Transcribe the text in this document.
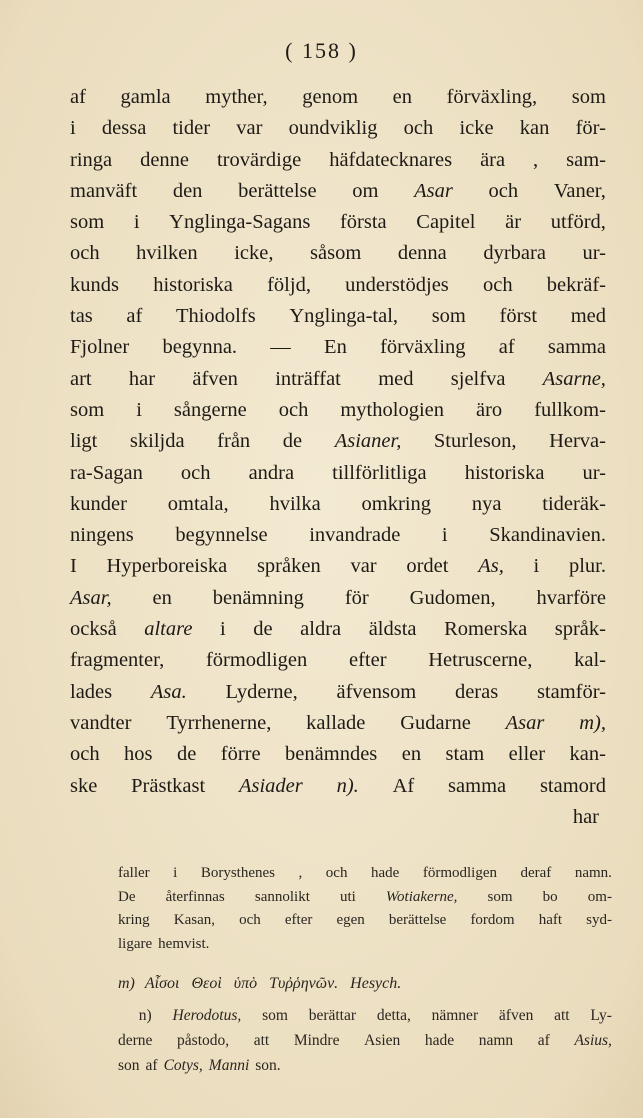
( 158 )
af gamla myther, genom en förväxling, som
i dessa tider var oundviklig och icke kan för-
ringa denne trovärdige häfdatecknares ära , sam-
manväft den berättelse om Asar och Vaner,
som i Ynglinga-Sagans första Capitel är utförd,
och hvilken icke, såsom denna dyrbara ur-
kunds historiska följd, understödjes och bekräf-
tas af Thiodolfs Ynglinga-tal, som först med
Fjolner begynna. — En förväxling af samma
art har äfven inträffat med sjelfva Asarne,
som i sångerne och mythologien äro fullkom-
ligt skiljda från de Asianer, Sturleson, Herva-
ra-Sagan och andra tillförlitliga historiska ur-
kunder omtala, hvilka omkring nya tideräk-
ningens begynnelse invandrade i Skandinavien.
I Hyperboreiska språken var ordet As, i plur.
Asar, en benämning för Gudomen, hvarföre
också altare i de aldra äldsta Romerska språk-
fragmenter, förmodligen efter Hetruscerne, kal-
lades Asa. Lyderne, äfvensom deras stamför-
vandter Tyrrhenerne, kallade Gudarne Asar m),
och hos de förre benämndes en stam eller kan-
ske Prästkast Asiader n). Af samma stamord
har
faller i Borysthenes , och hade förmodligen deraf namn.
De återfinnas sannolikt uti Wotiakerne, som bo om-
kring Kasan, och efter egen berättelse fordom haft syd-
ligare hemvist.
m) Αἶσοι Θεοὶ ὑπὸ Τυῤῥηνῶν. Hesych.
n) Herodotus, som berättar detta, nämner äfven att Ly-
derne påstodo, att Mindre Asien hade namn af Asius,
son af Cotys, Manni son.
